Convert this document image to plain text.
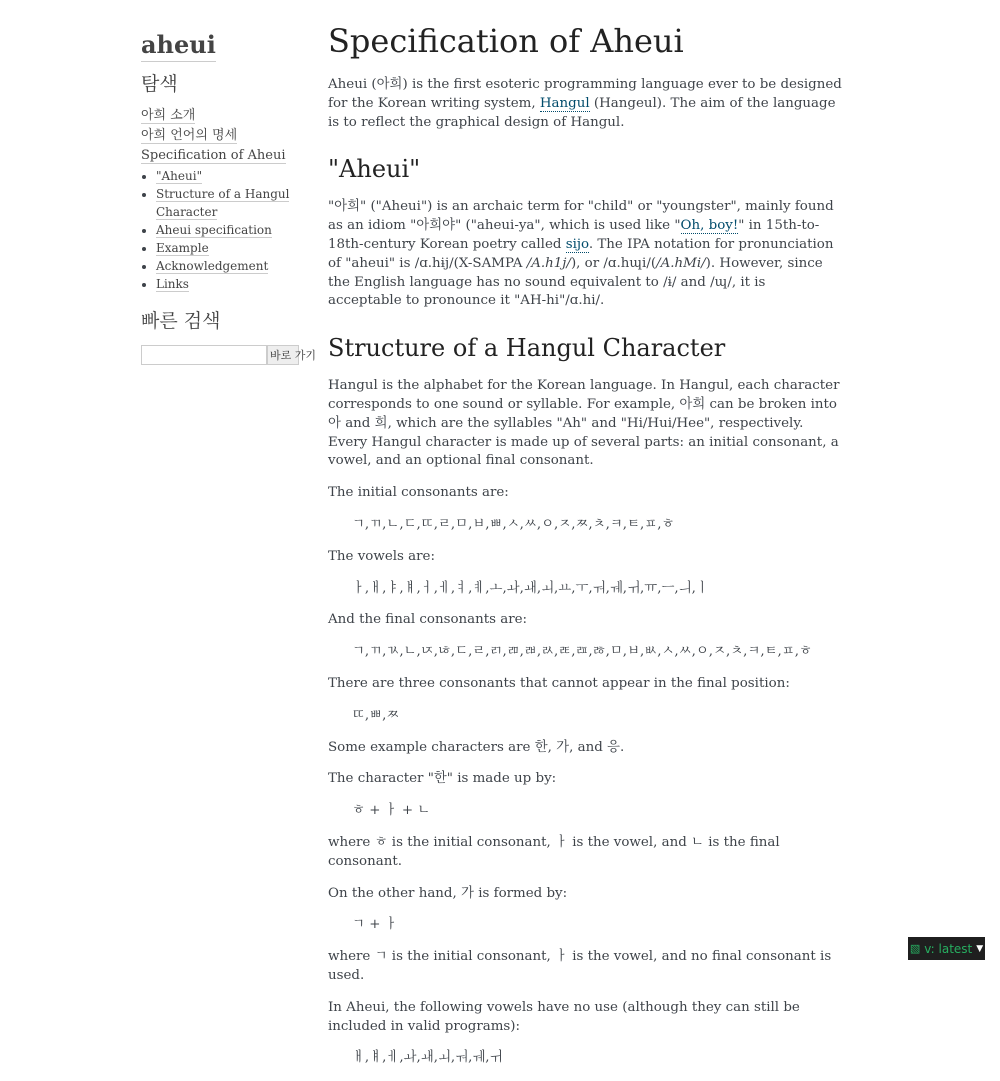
aheui
탐색
아희 소개
아희 언어의 명세
Specification of Aheui
• "Aheui"
• Structure of a Hangul Character
• Aheui specification
• Example
• Acknowledgement
• Links
빠른 검색
바로 가기
Specification of Aheui

Aheui (아희) is the first esoteric programming language ever to be designed for the Korean writing system, Hangul (Hangeul). The aim of the language is to reflect the graphical design of Hangul.

"Aheui"

"아희" ("Aheui") is an archaic term for "child" or "youngster", mainly found as an idiom "아희야" ("aheui-ya", which is used like "Oh, boy!" in 15th-to-18th-century Korean poetry called sijo. The IPA notation for pronunciation of "aheui" is /ɑ.hɨj/(X-SAMPA /A.h1j/), or /ɑ.hɰi/(/A.hMi/). However, since the English language has no sound equivalent to /ɨ/ and /ɰ/, it is acceptable to pronounce it "AH-hi"/ɑ.hi/.

Structure of a Hangul Character

Hangul is the alphabet for the Korean language. In Hangul, each character corresponds to one sound or syllable. For example, 아희 can be broken into 아 and 희, which are the syllables "Ah" and "Hi/Hui/Hee", respectively. Every Hangul character is made up of several parts: an initial consonant, a vowel, and an optional final consonant.

The initial consonants are:

ㄱ,ㄲ,ㄴ,ㄷ,ㄸ,ㄹ,ㅁ,ㅂ,ㅃ,ㅅ,ㅆ,ㅇ,ㅈ,ㅉ,ㅊ,ㅋ,ㅌ,ㅍ,ㅎ

The vowels are:

ㅏ,ㅐ,ㅑ,ㅒ,ㅓ,ㅔ,ㅕ,ㅖ,ㅗ,ㅘ,ㅙ,ㅚ,ㅛ,ㅜ,ㅝ,ㅞ,ㅟ,ㅠ,ㅡ,ㅢ,ㅣ

And the final consonants are:

ㄱ,ㄲ,ㄳ,ㄴ,ㄵ,ㄶ,ㄷ,ㄹ,ㄺ,ㄻ,ㄼ,ㄽ,ㄾ,ㄿ,ㅀ,ㅁ,ㅂ,ㅄ,ㅅ,ㅆ,ㅇ,ㅈ,ㅊ,ㅋ,ㅌ,ㅍ,ㅎ

There are three consonants that cannot appear in the final position:

ㄸ,ㅃ,ㅉ

Some example characters are 한, 가, and 응.

The character "한" is made up by:

ㅎ + ㅏ + ㄴ

where ㅎ is the initial consonant, ㅏ is the vowel, and ㄴ is the final consonant.

On the other hand, 가 is formed by:

ㄱ + ㅏ

where ㄱ is the initial consonant, ㅏ is the vowel, and no final consonant is used.

In Aheui, the following vowels have no use (although they can still be included in valid programs):

ㅐ,ㅒ,ㅔ,ㅘ,ㅙ,ㅚ,ㅝ,ㅞ,ㅟ
▧ v: latest ▼
